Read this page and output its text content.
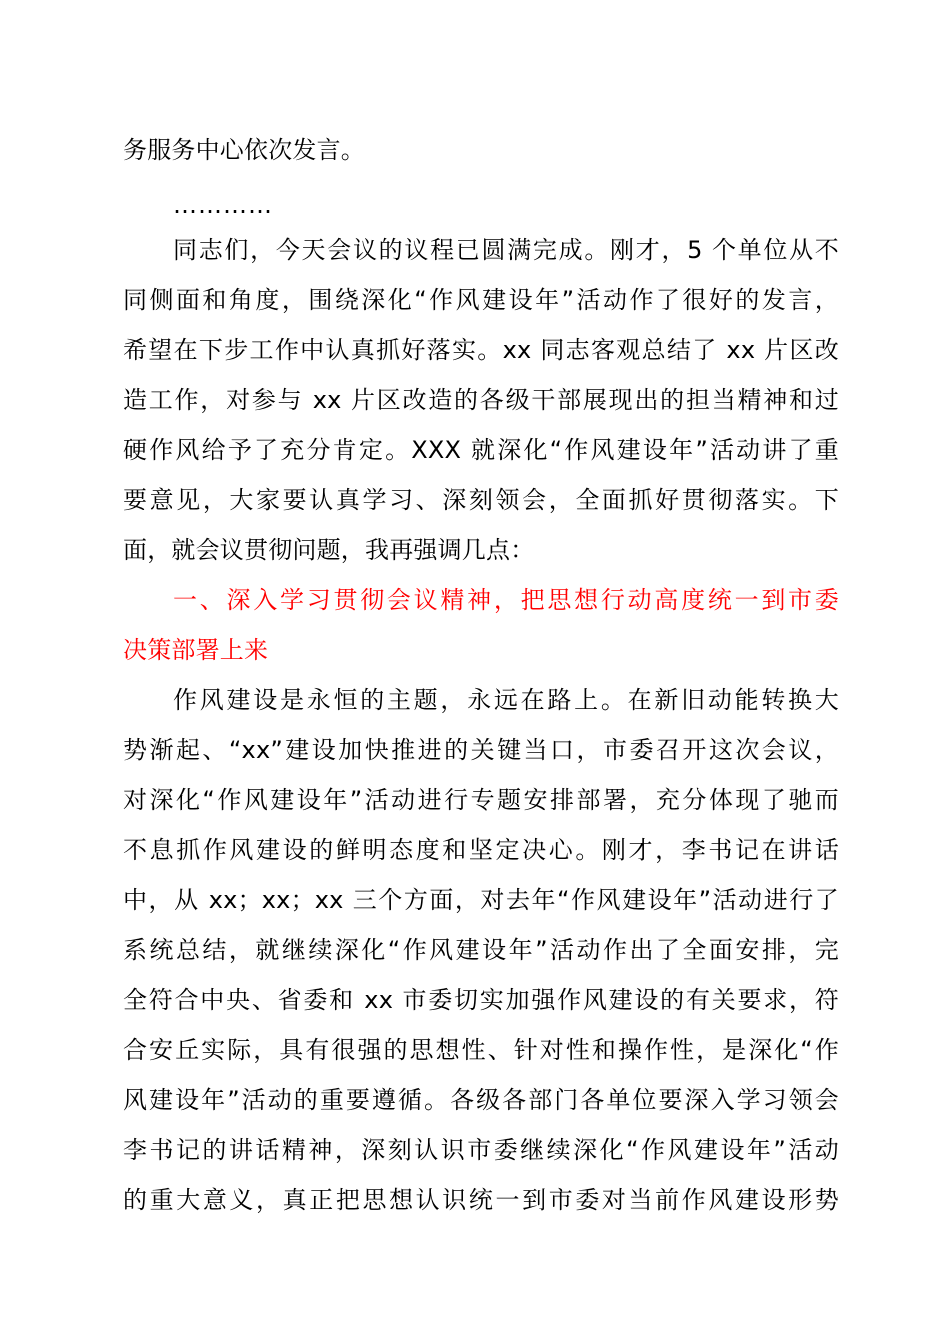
务服务中心依次发言。
…………
同志们，今天会议的议程已圆满完成。刚才，5 个单位从不
同侧面和角度，围绕深化“作风建设年”活动作了很好的发言，
希望在下步工作中认真抓好落实。xx 同志客观总结了 xx 片区改
造工作，对参与 xx 片区改造的各级干部展现出的担当精神和过
硬作风给予了充分肯定。XXX 就深化“作风建设年”活动讲了重
要意见，大家要认真学习、深刻领会，全面抓好贯彻落实。下
面，就会议贯彻问题，我再强调几点：
一、深入学习贯彻会议精神，把思想行动高度统一到市委
决策部署上来
作风建设是永恒的主题，永远在路上。在新旧动能转换大
势渐起、“xx”建设加快推进的关键当口，市委召开这次会议，
对深化“作风建设年”活动进行专题安排部署，充分体现了驰而
不息抓作风建设的鲜明态度和坚定决心。刚才，李书记在讲话
中，从 xx；xx；xx 三个方面，对去年“作风建设年”活动进行了
系统总结，就继续深化“作风建设年”活动作出了全面安排，完
全符合中央、省委和 xx 市委切实加强作风建设的有关要求，符
合安丘实际，具有很强的思想性、针对性和操作性，是深化“作
风建设年”活动的重要遵循。各级各部门各单位要深入学习领会
李书记的讲话精神，深刻认识市委继续深化“作风建设年”活动
的重大意义，真正把思想认识统一到市委对当前作风建设形势
